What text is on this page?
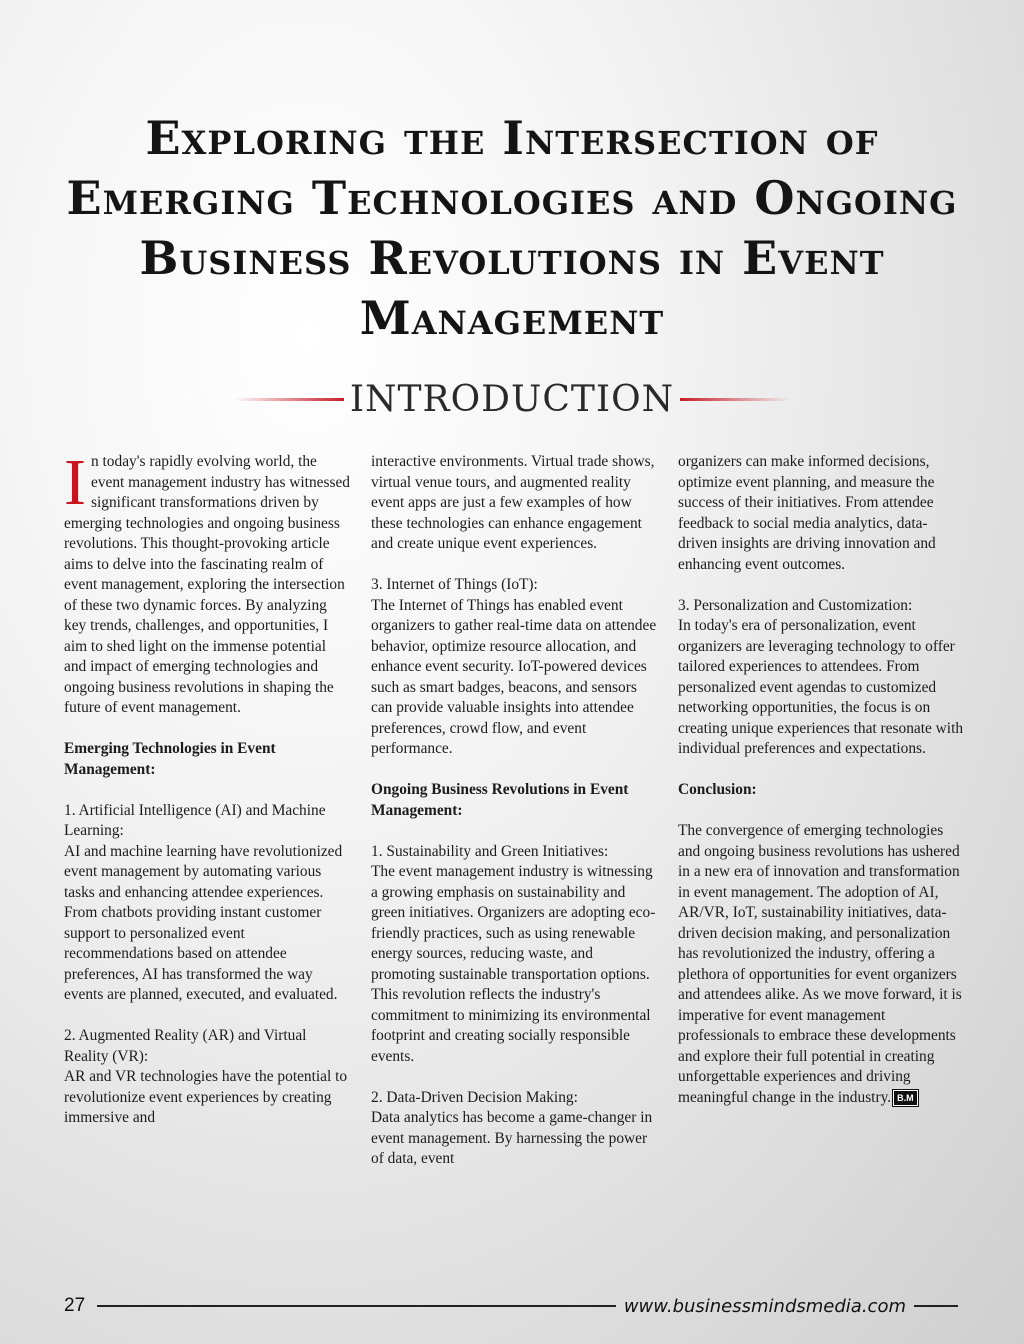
Exploring the Intersection of Emerging Technologies and Ongoing Business Revolutions in Event Management
INTRODUCTION

In today's rapidly evolving world, the event management industry has witnessed significant transformations driven by emerging technologies and ongoing business revolutions. This thought-provoking article aims to delve into the fascinating realm of event management, exploring the intersection of these two dynamic forces. By analyzing key trends, challenges, and opportunities, I aim to shed light on the immense potential and impact of emerging technologies and ongoing business revolutions in shaping the future of event management.

Emerging Technologies in Event Management:

1. Artificial Intelligence (AI) and Machine Learning:
AI and machine learning have revolutionized event management by automating various tasks and enhancing attendee experiences. From chatbots providing instant customer support to personalized event recommendations based on attendee preferences, AI has transformed the way events are planned, executed, and evaluated.

2. Augmented Reality (AR) and Virtual Reality (VR):
AR and VR technologies have the potential to revolutionize event experiences by creating immersive and

interactive environments. Virtual trade shows, virtual venue tours, and augmented reality event apps are just a few examples of how these technologies can enhance engagement and create unique event experiences.

3. Internet of Things (IoT):
The Internet of Things has enabled event organizers to gather real-time data on attendee behavior, optimize resource allocation, and enhance event security. IoT-powered devices such as smart badges, beacons, and sensors can provide valuable insights into attendee preferences, crowd flow, and event performance.

Ongoing Business Revolutions in Event Management:

1. Sustainability and Green Initiatives:
The event management industry is witnessing a growing emphasis on sustainability and green initiatives. Organizers are adopting eco-friendly practices, such as using renewable energy sources, reducing waste, and promoting sustainable transportation options. This revolution reflects the industry's commitment to minimizing its environmental footprint and creating socially responsible events.

2. Data-Driven Decision Making:
Data analytics has become a game-changer in event management. By harnessing the power of data, event

organizers can make informed decisions, optimize event planning, and measure the success of their initiatives. From attendee feedback to social media analytics, data-driven insights are driving innovation and enhancing event outcomes.

3. Personalization and Customization:
In today's era of personalization, event organizers are leveraging technology to offer tailored experiences to attendees. From personalized event agendas to customized networking opportunities, the focus is on creating unique experiences that resonate with individual preferences and expectations.

Conclusion:

The convergence of emerging technologies and ongoing business revolutions has ushered in a new era of innovation and transformation in event management. The adoption of AI, AR/VR, IoT, sustainability initiatives, data-driven decision making, and personalization has revolutionized the industry, offering a plethora of opportunities for event organizers and attendees alike. As we move forward, it is imperative for event management professionals to embrace these developments and explore their full potential in creating unforgettable experiences and driving meaningful change in the industry. B.M

27	www.businessmindsmedia.com
